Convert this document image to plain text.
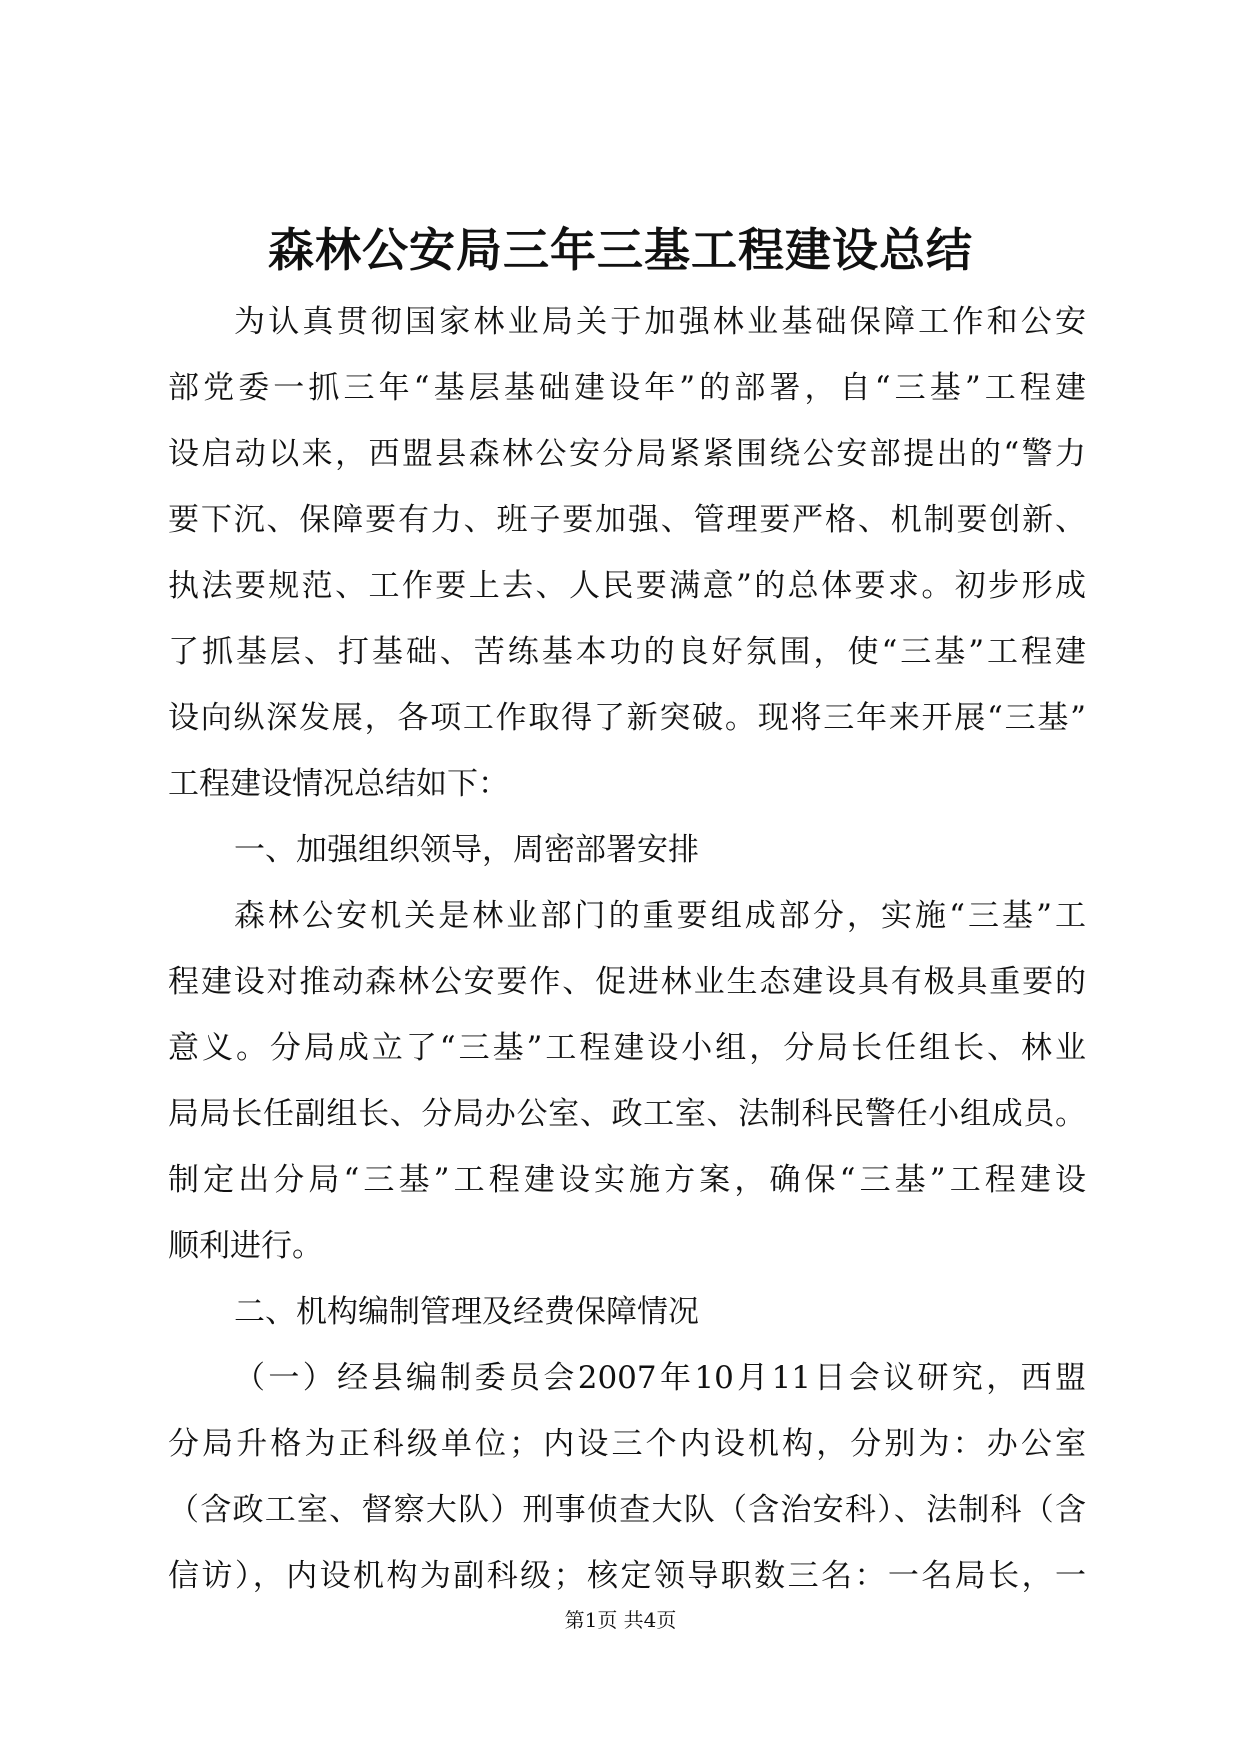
森林公安局三年三基工程建设总结
为认真贯彻国家林业局关于加强林业基础保障工作和公安
部党委一抓三年“基层基础建设年”的部署，自“三基”工程建
设启动以来，西盟县森林公安分局紧紧围绕公安部提出的“警力
要下沉、保障要有力、班子要加强、管理要严格、机制要创新、
执法要规范、工作要上去、人民要满意”的总体要求。初步形成
了抓基层、打基础、苦练基本功的良好氛围，使“三基”工程建
设向纵深发展，各项工作取得了新突破。现将三年来开展“三基”
工程建设情况总结如下：
一、加强组织领导，周密部署安排
森林公安机关是林业部门的重要组成部分，实施“三基”工
程建设对推动森林公安要作、促进林业生态建设具有极具重要的
意义。分局成立了“三基”工程建设小组，分局长任组长、林业
局局长任副组长、分局办公室、政工室、法制科民警任小组成员。
制定出分局“三基”工程建设实施方案，确保“三基”工程建设
顺利进行。
二、机构编制管理及经费保障情况
（一）经县编制委员会2007年10月11日会议研究，西盟
分局升格为正科级单位；内设三个内设机构，分别为：办公室
（含政工室、督察大队）刑事侦查大队（含治安科）、法制科（含
信访），内设机构为副科级；核定领导职数三名：一名局长，一
第1页 共4页
